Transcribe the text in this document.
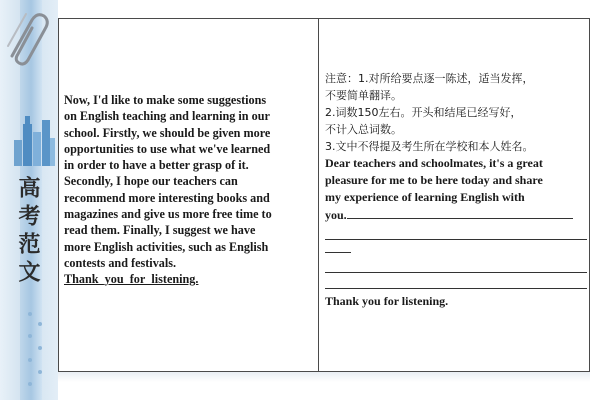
高考范文
Now, I'd like to make some suggestions
on English teaching and learning in our
school. Firstly, we should be given more
opportunities to use what we've learned
in order to have a better grasp of it.
Secondly, I hope our teachers can
recommend more interesting books and
magazines and give us more free time to
read them. Finally, I suggest we have
more English activities, such as English
contests and festivals.
Thank_you_for_listening.

注意：1.对所给要点逐一陈述，适当发挥，

不要简单翻译。

2.词数150左右。开头和结尾已经写好，

不计入总词数。

3.文中不得提及考生所在学校和本人姓名。

Dear teachers and schoolmates, it's a great

pleasure for me to be here today and share

my experience of learning English with

you.

Thank you for listening.
